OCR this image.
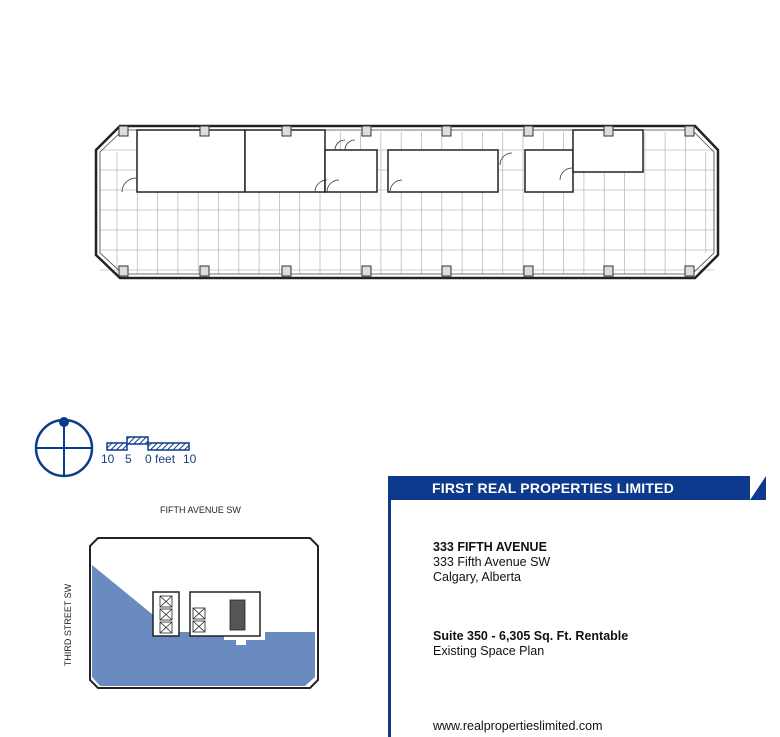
10 5 0 feet 10
FIFTH AVENUE SW
THIRD STREET SW
FIRST REAL PROPERTIES LIMITED
333 FIFTH AVENUE
333 Fifth Avenue SW
Calgary, Alberta
Suite 350 - 6,305 Sq. Ft. Rentable
Existing Space Plan
www.realpropertieslimited.com
